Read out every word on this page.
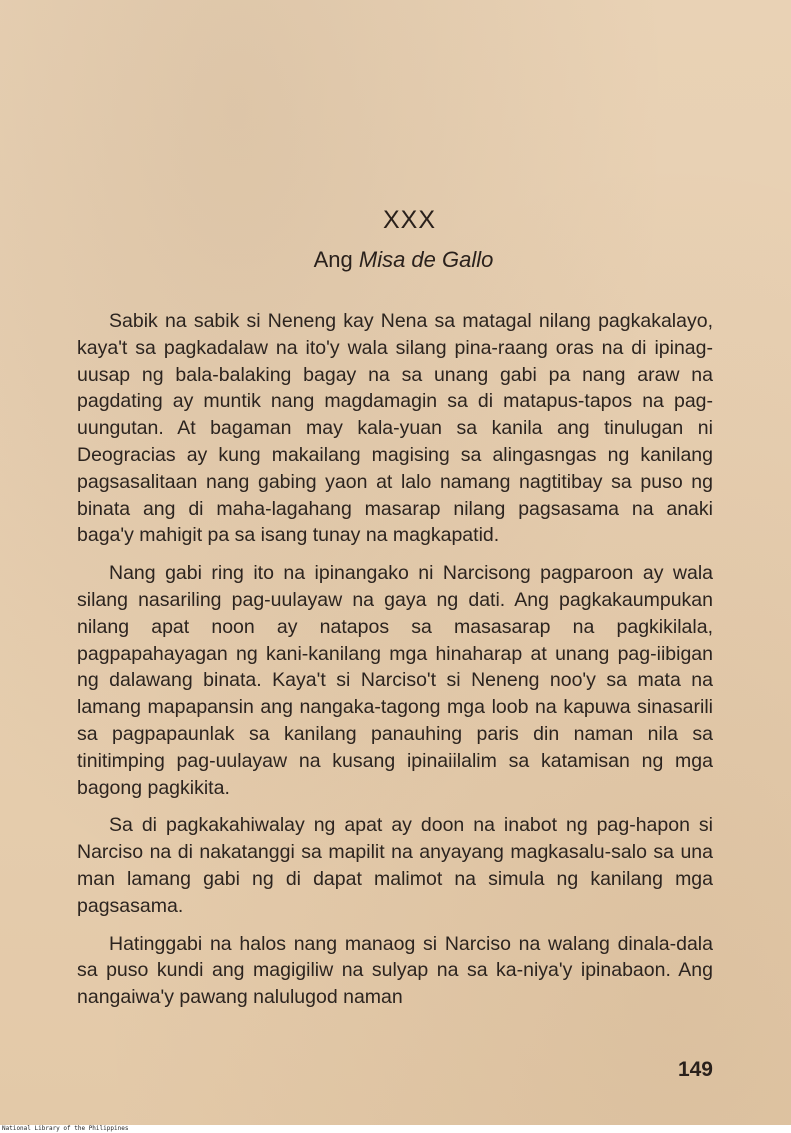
XXX
Ang Misa de Gallo

Sabik na sabik si Neneng kay Nena sa matagal nilang pagkakalayo, kaya't sa pagkadalaw na ito'y wala silang pina-raang oras na di ipinag-uusap ng bala-balaking bagay na sa unang gabi pa nang araw na pagdating ay muntik nang magdamagin sa di matapus-tapos na pag-uungutan. At bagaman may kala-yuan sa kanila ang tinulugan ni Deogracias ay kung makailang magising sa alingasngas ng kanilang pagsasalitaan nang gabing yaon at lalo namang nagtitibay sa puso ng binata ang di maha-lagahang masarap nilang pagsasama na anaki baga'y mahigit pa sa isang tunay na magkapatid.

Nang gabi ring ito na ipinangako ni Narcisong pagparoon ay wala silang nasariling pag-uulayaw na gaya ng dati. Ang pagkakaumpukan nilang apat noon ay natapos sa masasarap na pagkikilala, pagpapahayagan ng kani-kanilang mga hinaharap at unang pag-iibigan ng dalawang binata. Kaya't si Narciso't si Neneng noo'y sa mata na lamang mapapansin ang nangaka-tagong mga loob na kapuwa sinasarili sa pagpapaunlak sa kanilang panauhing paris din naman nila sa tinitimping pag-uulayaw na kusang ipinaiilalim sa katamisan ng mga bagong pagkikita.

Sa di pagkakahiwalay ng apat ay doon na inabot ng pag-hapon si Narciso na di nakatanggi sa mapilit na anyayang magkasalu-salo sa una man lamang gabi ng di dapat malimot na simula ng kanilang mga pagsasama.

Hatinggabi na halos nang manaog si Narciso na walang dinala-dala sa puso kundi ang magigiliw na sulyap na sa ka-niya'y ipinabaon. Ang nangaiwa'y pawang nalulugod naman

149
National Library of the Philippines
